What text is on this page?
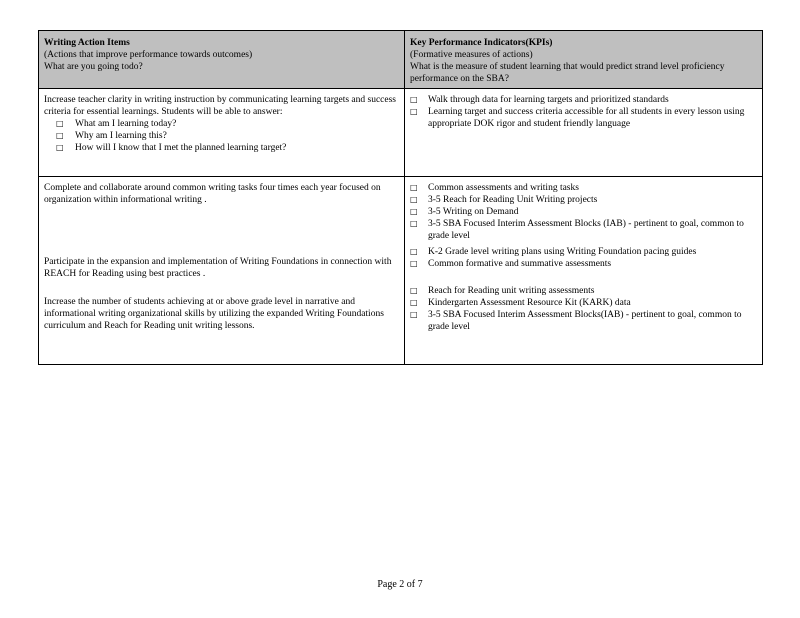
Writing Action Items
(Actions that improve performance towards outcomes)
What are you going todo?
Key Performance Indicators(KPIs)
(Formative measures of actions)
What is the measure of student learning that would predict strand level proficiency performance on the SBA?
Increase teacher clarity in writing instruction by communicating learning targets and success criteria for essential learnings. Students will be able to answer:
□ What am I learning today?
□ Why am I learning this?
□ How will I know that I met the planned learning target?
□ Walk through data for learning targets and prioritized standards
□ Learning target and success criteria accessible for all students in every lesson using appropriate DOK rigor and student friendly language
Complete and collaborate around common writing tasks four times each year focused on organization within informational writing .
Participate in the expansion and implementation of Writing Foundations in connection with REACH for Reading using best practices .
Increase the number of students achieving at or above grade level in narrative and informational writing organizational skills by utilizing the expanded Writing Foundations curriculum and Reach for Reading unit writing lessons.
□ Common assessments and writing tasks
□ 3-5 Reach for Reading Unit Writing projects
□ 3-5 Writing on Demand
□ 3-5 SBA Focused Interim Assessment Blocks (IAB) - pertinent to goal, common to grade level
□ K-2 Grade level writing plans using Writing Foundation pacing guides
□ Common formative and summative assessments
□ Reach for Reading unit writing assessments
□ Kindergarten Assessment Resource Kit (KARK) data
□ 3-5 SBA Focused Interim Assessment Blocks(IAB) - pertinent to goal, common to grade level
Page 2 of 7
